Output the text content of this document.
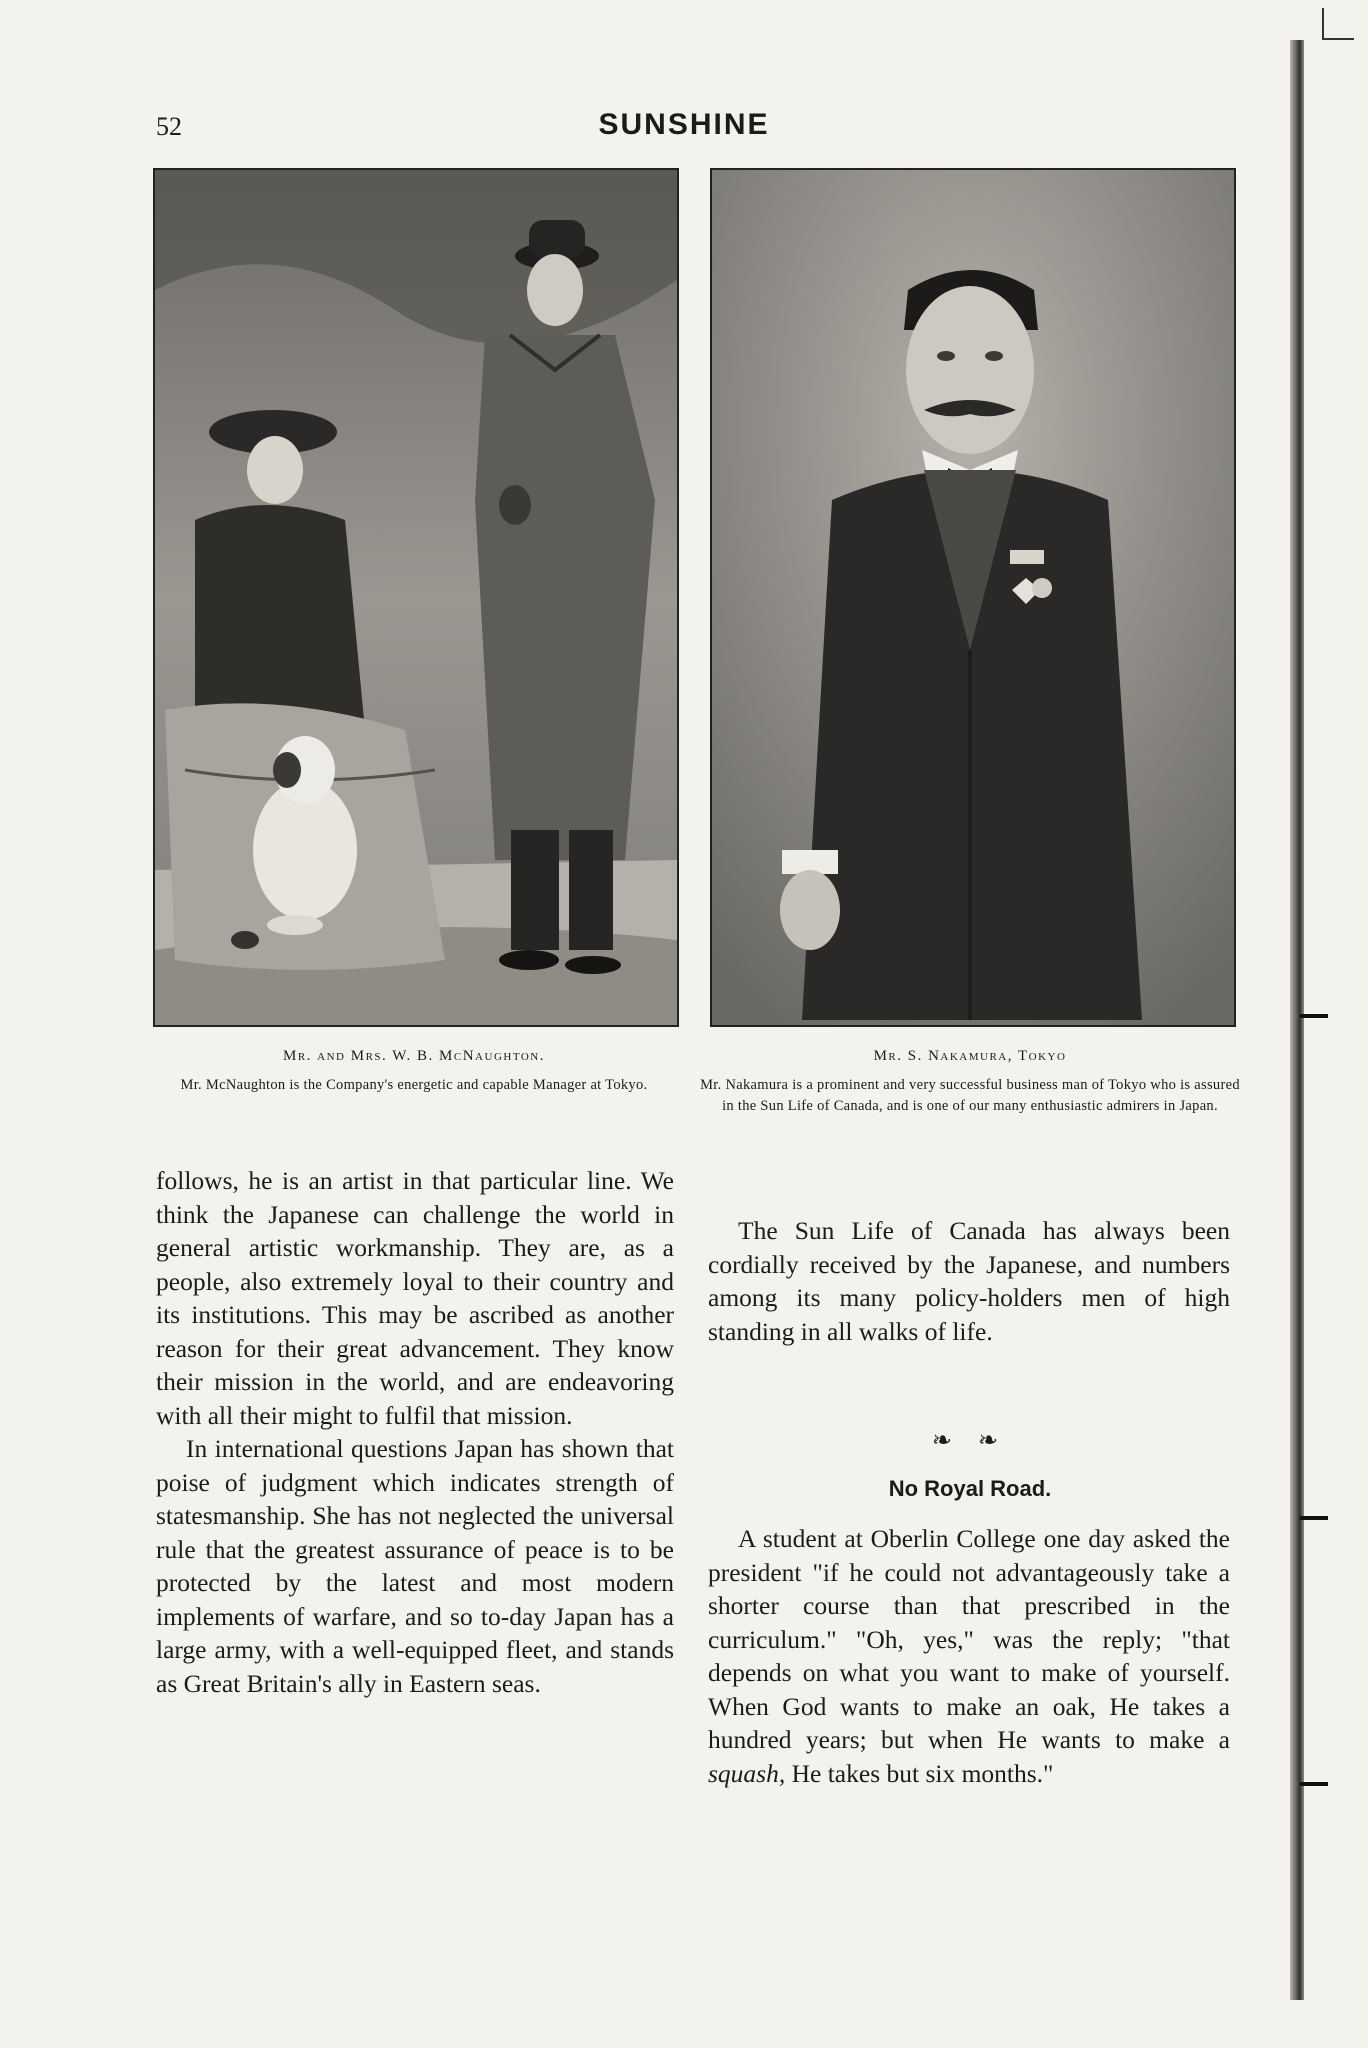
52	SUNSHINE
Mr. and Mrs. W. B. McNaughton.

Mr. McNaughton is the Company's energetic and capable Manager at Tokyo.

Mr. S. Nakamura, Tokyo

Mr. Nakamura is a prominent and very successful business man of Tokyo who is assured in the Sun Life of Canada, and is one of our many enthusiastic admirers in Japan.

follows, he is an artist in that particular line. We think the Japanese can challenge the world in general artistic workmanship. They are, as a people, also extremely loyal to their country and its institutions. This may be ascribed as another reason for their great advancement. They know their mission in the world, and are endeavoring with all their might to fulfil that mission.

In international questions Japan has shown that poise of judgment which indicates strength of statesmanship. She has not neglected the universal rule that the greatest assurance of peace is to be protected by the latest and most modern implements of warfare, and so to-day Japan has a large army, with a well-equipped fleet, and stands as Great Britain's ally in Eastern seas.

The Sun Life of Canada has always been cordially received by the Japanese, and numbers among its many policy-holders men of high standing in all walks of life.

❧ ❧
No Royal Road.

A student at Oberlin College one day asked the president "if he could not advantageously take a shorter course than that prescribed in the curriculum." "Oh, yes," was the reply; "that depends on what you want to make of yourself. When God wants to make an oak, He takes a hundred years; but when He wants to make a squash, He takes but six months."
